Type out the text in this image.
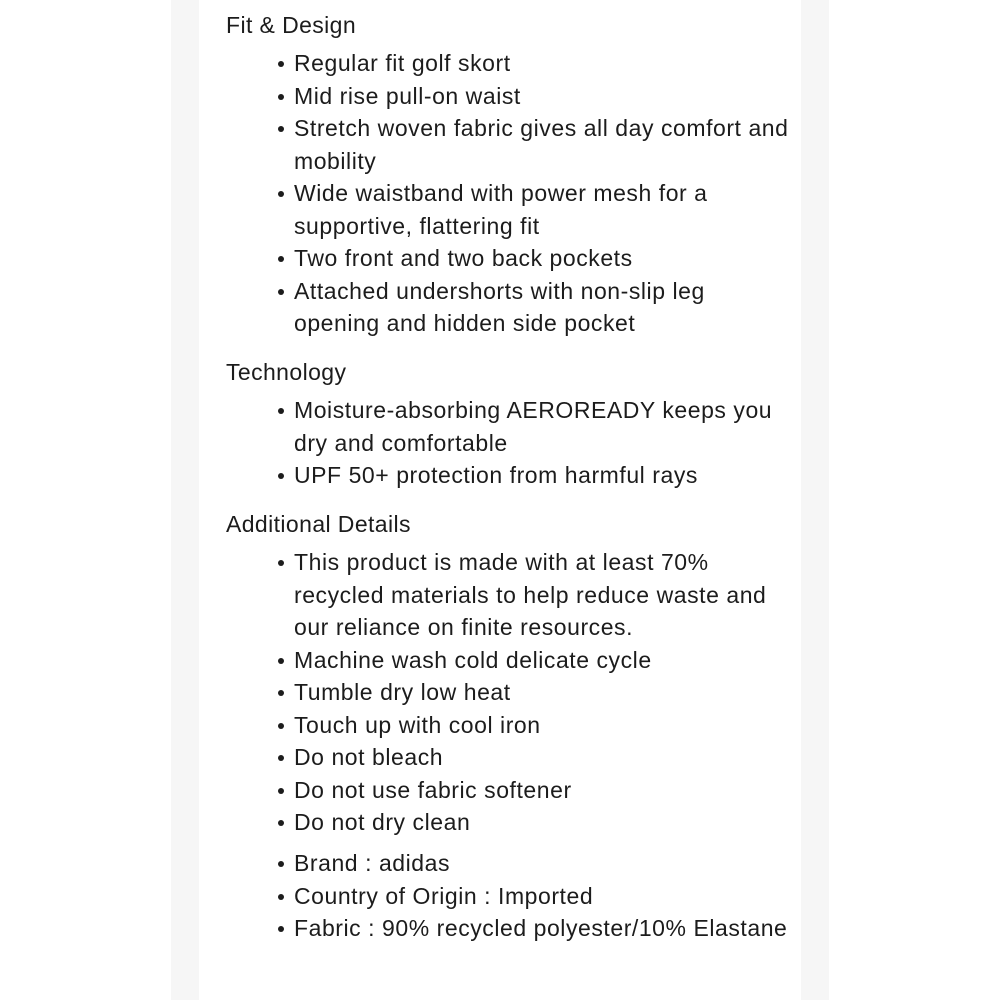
Fit & Design
Regular fit golf skort
Mid rise pull-on waist
Stretch woven fabric gives all day comfort and mobility
Wide waistband with power mesh for a supportive, flattering fit
Two front and two back pockets
Attached undershorts with non-slip leg opening and hidden side pocket
Technology
Moisture-absorbing AEROREADY keeps you dry and comfortable
UPF 50+ protection from harmful rays
Additional Details
This product is made with at least 70% recycled materials to help reduce waste and our reliance on finite resources.
Machine wash cold delicate cycle
Tumble dry low heat
Touch up with cool iron
Do not bleach
Do not use fabric softener
Do not dry clean
Brand : adidas
Country of Origin : Imported
Fabric : 90% recycled polyester/10% Elastane
